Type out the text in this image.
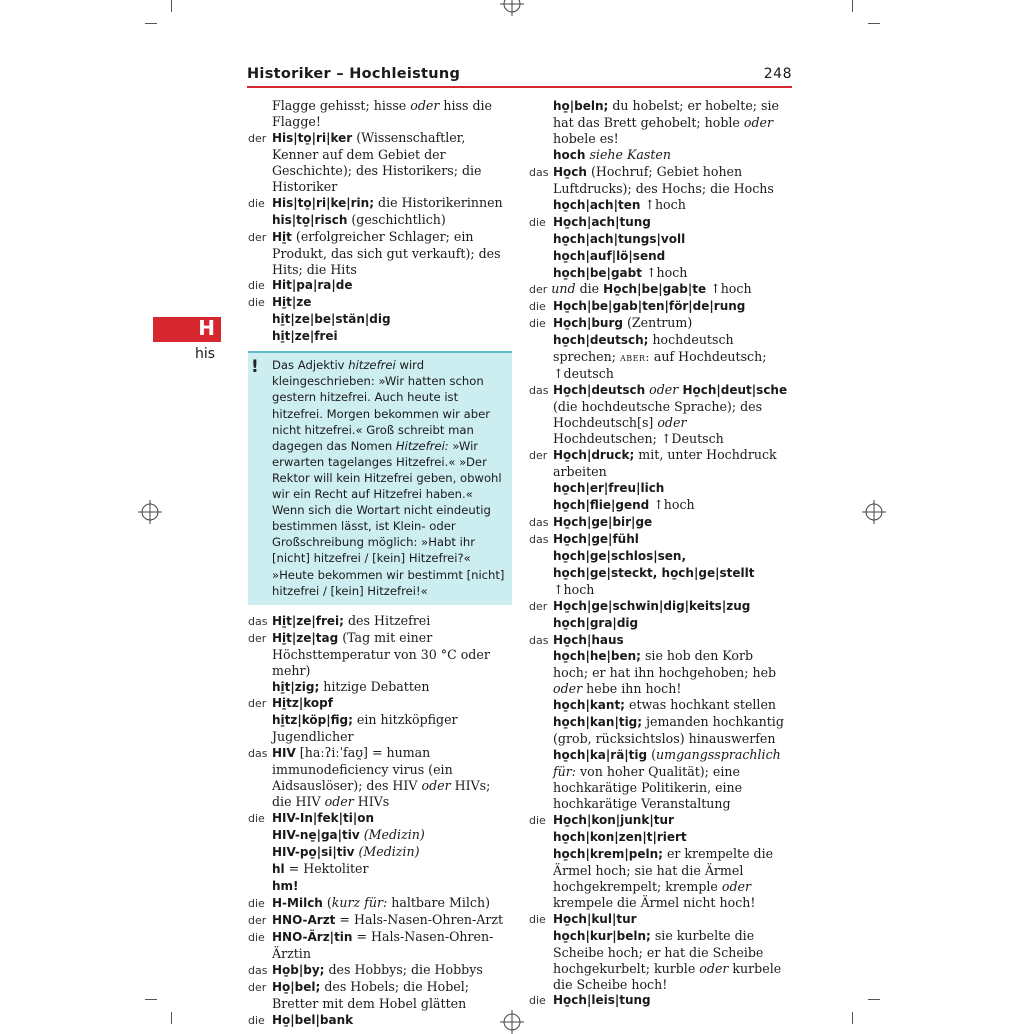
Historiker – Hochleistung	248
H
his
Flagge gehisst; hisse oder hiss die Flagge!
der His|to̱|ri|ker (Wissenschaftler, Kenner auf dem Gebiet der Geschichte); des Historikers; die Historiker
die His|to̱|ri|ke|rin; die Historikerinnen
his|to̱|risch (geschichtlich)
der Hi̱t (erfolgreicher Schlager; ein Produkt, das sich gut verkauft); des Hits; die Hits
die Hit|pa|ra|de
die Hi̱t|ze
hi̱t|ze|be|stän|dig
hi̱t|ze|frei
! Das Adjektiv hitzefrei wird kleingeschrieben: »Wir hatten schon gestern hitzefrei. Auch heute ist hitzefrei. Morgen bekommen wir aber nicht hitzefrei.« Groß schreibt man dagegen das Nomen Hitzefrei: »Wir erwarten tagelanges Hitzefrei.« »Der Rektor will kein Hitzefrei geben, obwohl wir ein Recht auf Hitzefrei haben.« Wenn sich die Wortart nicht eindeutig bestimmen lässt, ist Klein- oder Großschreibung möglich: »Habt ihr [nicht] hitzefrei / [kein] Hitzefrei?« »Heute bekommen wir bestimmt [nicht] hitzefrei / [kein] Hitzefrei!«
das Hi̱t|ze|frei; des Hitzefrei
der Hi̱t|ze|tag (Tag mit einer Höchsttemperatur von 30 °C oder mehr)
hi̱t|zig; hitzige Debatten
der Hi̱tz|kopf
hi̱tz|köp|fig; ein hitzköpfiger Jugendlicher
das HIV [haːʔiːˈfaʊ̯] = human immunodeficiency virus (ein Aidsauslöser); des HIV oder HIVs; die HIV oder HIVs
die HIV-In|fek|ti|on
HIV-ne̱|ga|tiv (Medizin)
HIV-po̱|si|tiv (Medizin)
hl = Hektoliter
hm!
die H-Milch (kurz für: haltbare Milch)
der HNO-Arzt = Hals-Nasen-Ohren-Arzt
die HNO-Ärz|tin = Hals-Nasen-Ohren-Ärztin
das Ho̱b|by; des Hobbys; die Hobbys
der Ho̱|bel; des Hobels; die Hobel; Bretter mit dem Hobel glätten
die Ho̱|bel|bank
ho̱|beln; du hobelst; er hobelte; sie hat das Brett gehobelt; hoble oder hobele es!
hoch siehe Kasten
das Ho̱ch (Hochruf; Gebiet hohen Luftdrucks); des Hochs; die Hochs
ho̱ch|ach|ten ↑hoch
die Ho̱ch|ach|tung
ho̱ch|ach|tungs|voll
ho̱ch|auf|lö|send
ho̱ch|be|gabt ↑hoch
der und die Ho̱ch|be|gab|te ↑hoch
die Ho̱ch|be|gab|ten|för|de|rung
die Ho̱ch|burg (Zentrum)
ho̱ch|deutsch; hochdeutsch sprechen; aber: auf Hochdeutsch; ↑deutsch
das Ho̱ch|deutsch oder Ho̱ch|deut|sche (die hochdeutsche Sprache); des Hochdeutsch[s] oder Hochdeutschen; ↑Deutsch
der Ho̱ch|druck; mit, unter Hochdruck arbeiten
ho̱ch|er|freu|lich
ho̱ch|flie|gend ↑hoch
das Ho̱ch|ge|bir|ge
das Ho̱ch|ge|fühl
ho̱ch|ge|schlos|sen, ho̱ch|ge|steckt, ho̱ch|ge|stellt ↑hoch
der Ho̱ch|ge|schwin|dig|keits|zug
ho̱ch|gra|dig
das Ho̱ch|haus
ho̱ch|he|ben; sie hob den Korb hoch; er hat ihn hochgehoben; heb oder hebe ihn hoch!
ho̱ch|kant; etwas hochkant stellen
ho̱ch|kan|tig; jemanden hochkantig (grob, rücksichtslos) hinauswerfen
ho̱ch|ka|rä|tig (umgangssprachlich für: von hoher Qualität); eine hochkarätige Politikerin, eine hochkarätige Veranstaltung
die Ho̱ch|kon|junk|tur
ho̱ch|kon|zen|t|riert
ho̱ch|krem|peln; er krempelte die Ärmel hoch; sie hat die Ärmel hochgekrempelt; kremple oder krempele die Ärmel nicht hoch!
die Ho̱ch|kul|tur
ho̱ch|kur|beln; sie kurbelte die Scheibe hoch; er hat die Scheibe hochgekurbelt; kurble oder kurbele die Scheibe hoch!
die Ho̱ch|leis|tung
